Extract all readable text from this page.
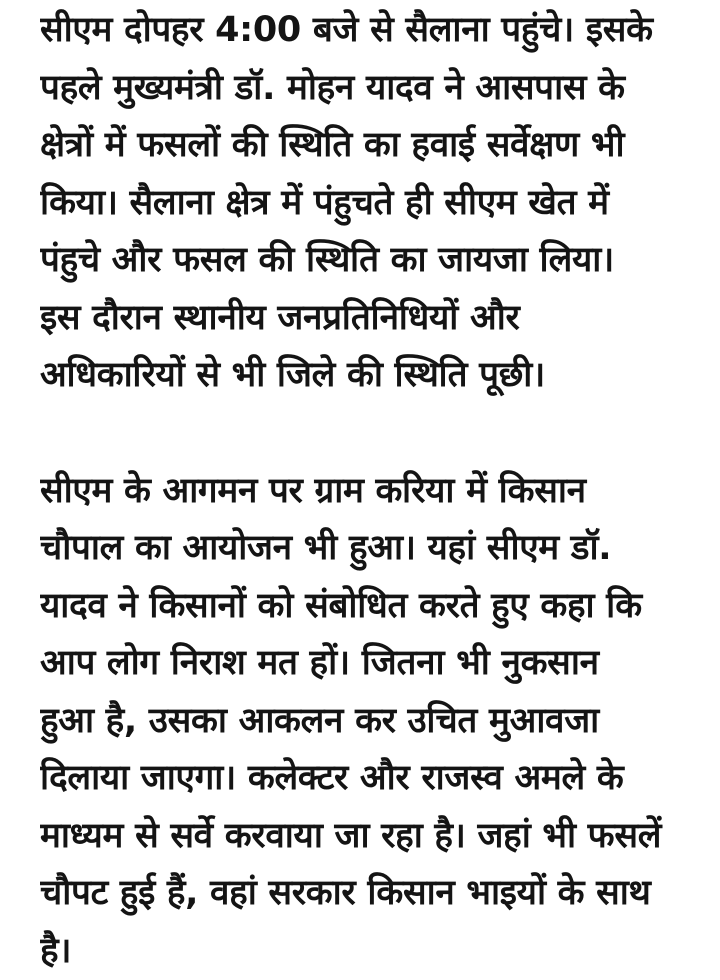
सीएम दोपहर 4:00 बजे से सैलाना पहुंचे। इसके
पहले मुख्यमंत्री डॉ. मोहन यादव ने आसपास के
क्षेत्रों में फसलों की स्थिति का हवाई सर्वेक्षण भी
किया। सैलाना क्षेत्र में पंहुचते ही सीएम खेत में
पंहुचे और फसल की स्थिति का जायजा लिया।
इस दौरान स्थानीय जनप्रतिनिधियों और
अधिकारियों से भी जिले की स्थिति पूछी।
सीएम के आगमन पर ग्राम करिया में किसान
चौपाल का आयोजन भी हुआ। यहां सीएम डॉ.
यादव ने किसानों को संबोधित करते हुए कहा कि
आप लोग निराश मत हों। जितना भी नुकसान
हुआ है, उसका आकलन कर उचित मुआवजा
दिलाया जाएगा। कलेक्टर और राजस्व अमले के
माध्यम से सर्वे करवाया जा रहा है। जहां भी फसलें
चौपट हुई हैं, वहां सरकार किसान भाइयों के साथ
है।
